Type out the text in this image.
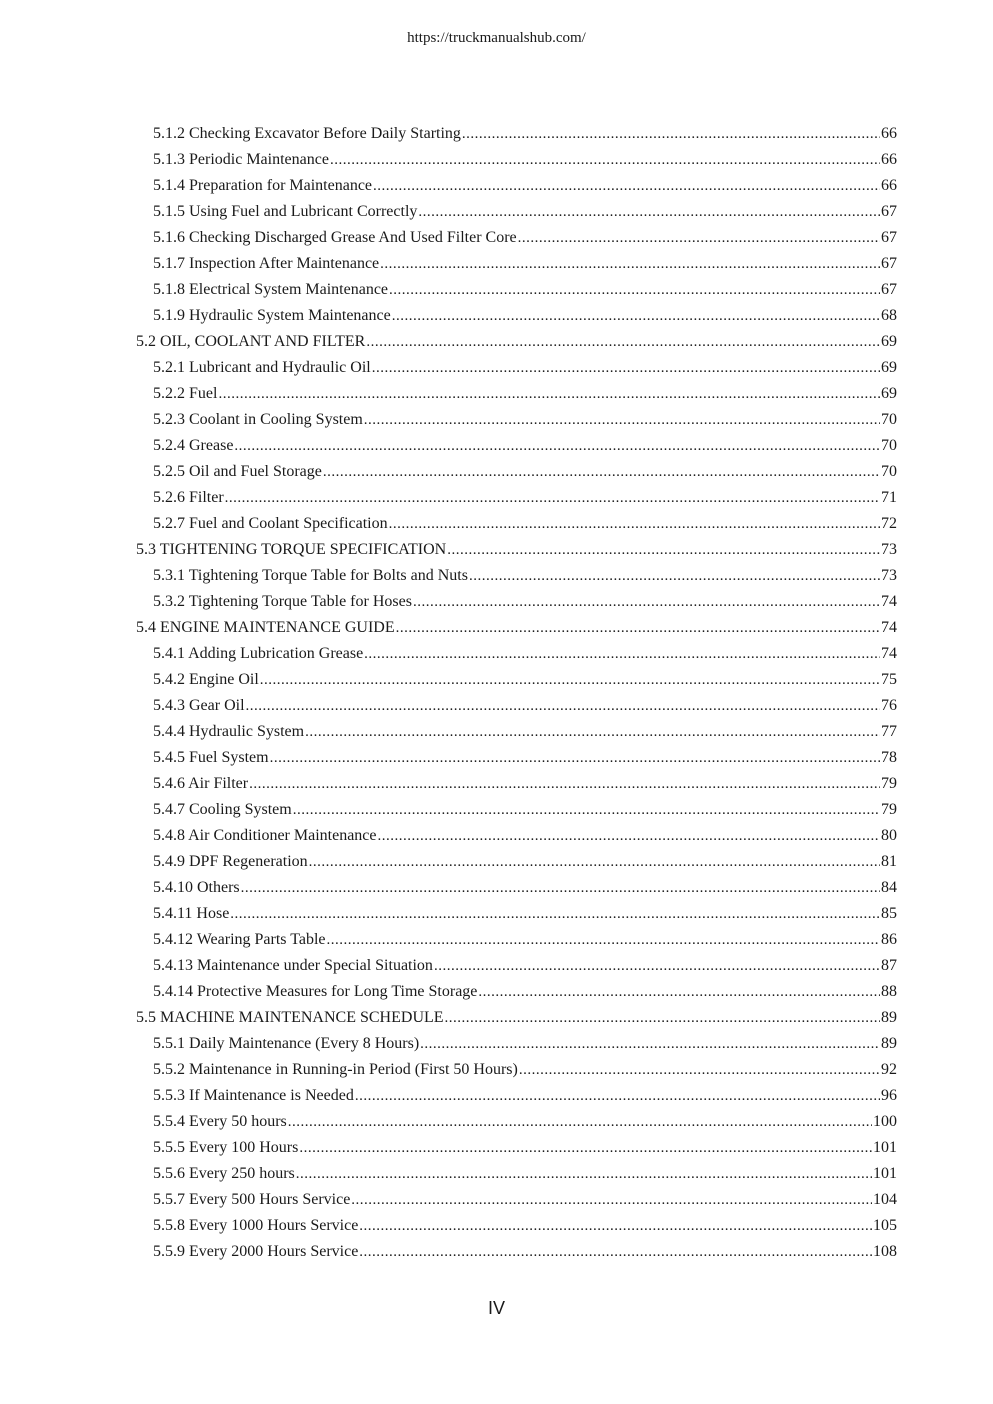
https://truckmanualshub.com/
5.1.2 Checking Excavator Before Daily Starting .....	66
5.1.3 Periodic Maintenance .....	66
5.1.4 Preparation for Maintenance .....	66
5.1.5 Using Fuel and Lubricant Correctly .....	67
5.1.6 Checking Discharged Grease And Used Filter Core .....	67
5.1.7 Inspection After Maintenance .....	67
5.1.8 Electrical System Maintenance .....	67
5.1.9 Hydraulic System Maintenance .....	68
5.2 OIL, COOLANT AND FILTER .....	69
5.2.1 Lubricant and Hydraulic Oil .....	69
5.2.2 Fuel .....	69
5.2.3 Coolant in Cooling System .....	70
5.2.4 Grease .....	70
5.2.5 Oil and Fuel Storage .....	70
5.2.6 Filter .....	71
5.2.7 Fuel and Coolant Specification .....	72
5.3 TIGHTENING TORQUE SPECIFICATION .....	73
5.3.1 Tightening Torque Table for Bolts and Nuts .....	73
5.3.2 Tightening Torque Table for Hoses .....	74
5.4 ENGINE MAINTENANCE GUIDE .....	74
5.4.1 Adding Lubrication Grease .....	74
5.4.2 Engine Oil .....	75
5.4.3 Gear Oil .....	76
5.4.4 Hydraulic System .....	77
5.4.5 Fuel System .....	78
5.4.6 Air Filter .....	79
5.4.7 Cooling System .....	79
5.4.8 Air Conditioner Maintenance .....	80
5.4.9 DPF Regeneration .....	81
5.4.10 Others .....	84
5.4.11 Hose .....	85
5.4.12 Wearing Parts Table .....	86
5.4.13 Maintenance under Special Situation .....	87
5.4.14 Protective Measures for Long Time Storage .....	88
5.5 MACHINE MAINTENANCE SCHEDULE .....	89
5.5.1 Daily Maintenance (Every 8 Hours) .....	89
5.5.2 Maintenance in Running-in Period (First 50 Hours) .....	92
5.5.3 If Maintenance is Needed .....	96
5.5.4 Every 50 hours .....	100
5.5.5 Every 100 Hours .....	101
5.5.6 Every 250 hours .....	101
5.5.7 Every 500 Hours Service .....	104
5.5.8 Every 1000 Hours Service .....	105
5.5.9 Every 2000 Hours Service .....	108
IV
